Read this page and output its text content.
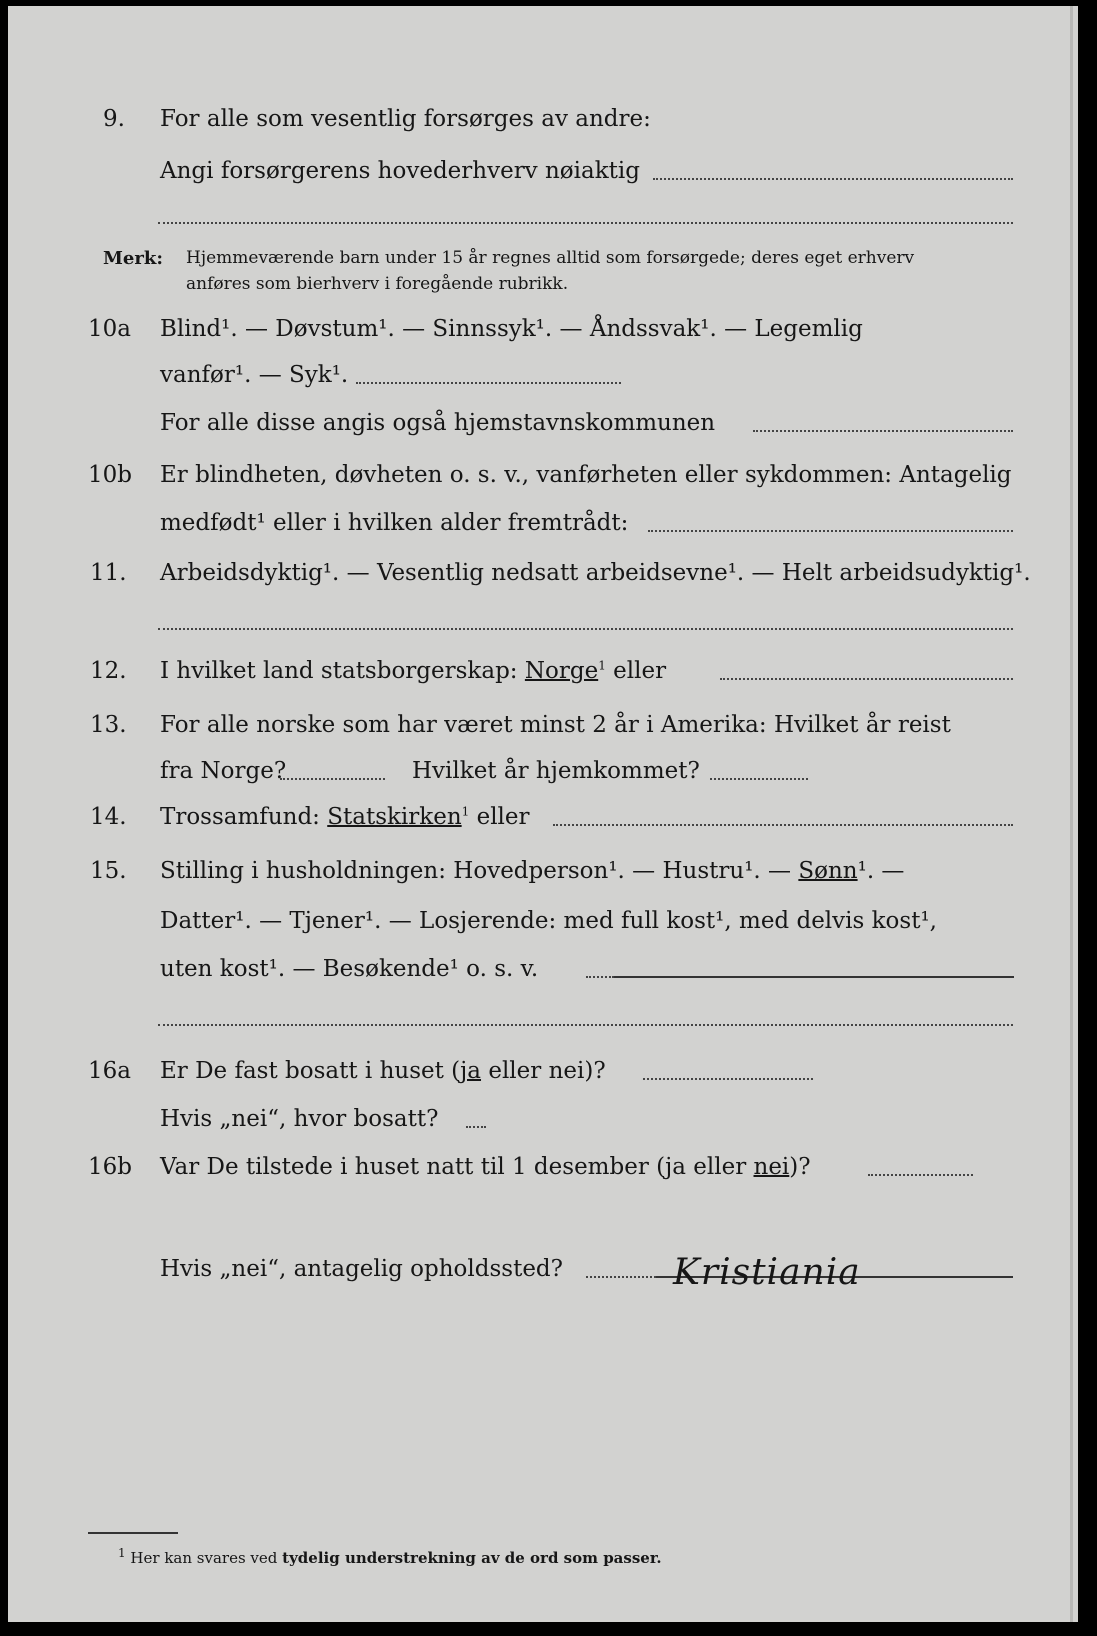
9. For alle som vesentlig forsørges av andre:
Angi forsørgerens hovederhverv nøiaktig
Merk: Hjemmeværende barn under 15 år regnes alltid som forsørgede; deres eget erhverv
anføres som bierhverv i foregående rubrikk.
10a Blind¹. — Døvstum¹. — Sinnssyk¹. — Åndssvak¹. — Legemlig
vanfør¹. — Syk¹.
For alle disse angis også hjemstavnskommunen
10b Er blindheten, døvheten o. s. v., vanførheten eller sykdommen: Antagelig
medfødt¹ eller i hvilken alder fremtrådt:
11. Arbeidsdyktig¹. — Vesentlig nedsatt arbeidsevne¹. — Helt arbeidsudyktig¹.
12. I hvilket land statsborgerskap: Norge$^1$ eller
13. For alle norske som har været minst 2 år i Amerika: Hvilket år reist
fra Norge?	Hvilket år hjemkommet?
14. Trossamfund: Statskirken$^1$ eller
15. Stilling i husholdningen: Hovedperson¹. — Hustru¹. — Sønn¹. —
Datter¹. — Tjener¹. — Losjerende: med full kost¹, med delvis kost¹,
uten kost¹. — Besøkende¹ o. s. v.
16a Er De fast bosatt i huset (ja eller nei)?
Hvis „nei“, hvor bosatt?
16b Var De tilstede i huset natt til 1 desember (ja eller nei)?
Hvis „nei“, antagelig opholdssted?	Kristiania
$^1$ Her kan svares ved tydelig understrekning av de ord som passer.
